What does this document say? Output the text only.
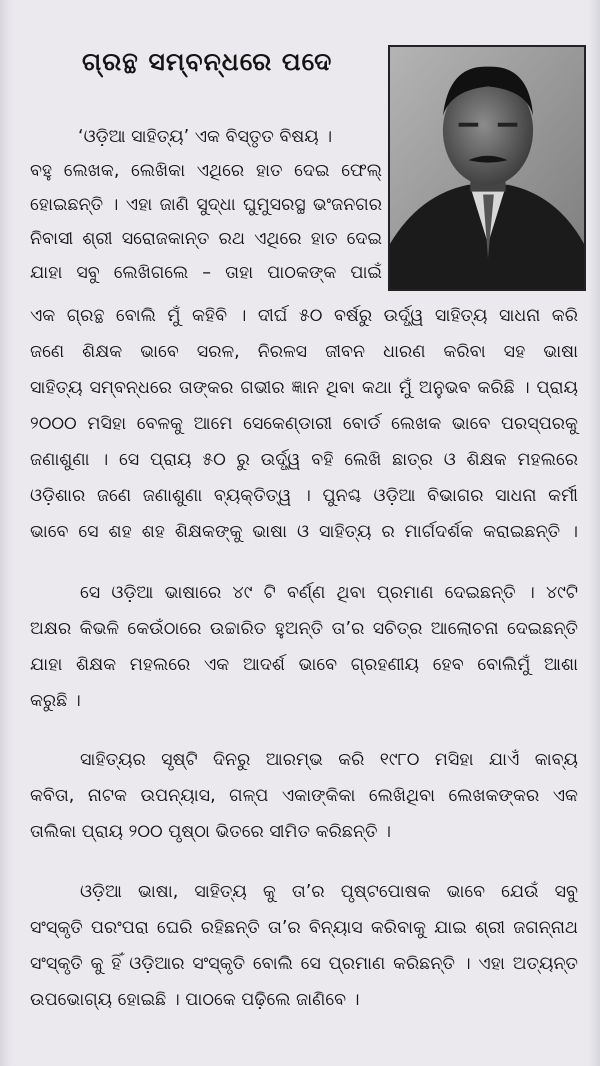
ଗ୍ରନ୍ଥ ସମ୍ବନ୍ଧରେ ପଦେ

‘ଓଡ଼ିଆ ସାହିତ୍ୟ’ ଏକ ବିସ୍ତୃତ ବିଷୟ ।

ବହୁ ଲେଖକ, ଲେଖିକା ଏଥିରେ ହାତ ଦେଇ ଫେଲ୍

ହୋଇଛନ୍ତି । ଏହା ଜାଣି ସୁଦ୍ଧା ଘୁମୁସରସ୍ଥ ଭଂଜନଗର

ନିବାସୀ ଶ୍ରୀ ସରୋଜକାନ୍ତ ରଥ ଏଥିରେ ହାତ ଦେଇ

ଯାହା ସବୁ ଲେଖିଗଲେ – ତାହା ପାଠକଙ୍କ ପାଇଁ

ଏକ ଗ୍ରନ୍ଥ ବୋଲି ମୁଁ କହିବି । ଦୀର୍ଘ ୫୦ ବର୍ଷରୁ ଉର୍ଦ୍ଧ୍ୱ ସାହିତ୍ୟ ସାଧନା କରି

ଜଣେ ଶିକ୍ଷକ ଭାବେ ସରଳ, ନିରଳସ ଜୀବନ ଧାରଣ କରିବା ସହ ଭାଷା

ସାହିତ୍ୟ ସମ୍ବନ୍ଧରେ ତାଙ୍କର ଗଭୀର ଜ୍ଞାନ ଥିବା କଥା ମୁଁ ଅନୁଭବ କରିଛି । ପ୍ରାୟ

୨୦୦୦ ମସିହା ବେଳକୁ ଆମେ ସେକେଣ୍ଡାରୀ ବୋର୍ଡ ଲେଖକ ଭାବେ ପରସ୍ପରକୁ

ଜଣାଶୁଣା । ସେ ପ୍ରାୟ ୫୦ ରୁ ଉର୍ଦ୍ଧ୍ୱ ବହି ଲେଖି ଛାତ୍ର ଓ ଶିକ୍ଷକ ମହଲରେ

ଓଡ଼ିଶାର ଜଣେ ଜଣାଶୁଣା ବ୍ୟକ୍ତିତ୍ୱ । ପୁନଶ୍ଚ ଓଡ଼ିଆ ବିଭାଗର ସାଧନା କର୍ମୀ

ଭାବେ ସେ ଶହ ଶହ ଶିକ୍ଷକଙ୍କୁ ଭାଷା ଓ ସାହିତ୍ୟ ର ମାର୍ଗଦର୍ଶକ କରାଇଛନ୍ତି ।

ସେ ଓଡ଼ିଆ ଭାଷାରେ ୪୯ ଟି ବର୍ଣ୍ଣ ଥିବା ପ୍ରମାଣ ଦେଇଛନ୍ତି । ୪୯ଟି

ଅକ୍ଷର କିଭଳି କେଉଁଠାରେ ଉଚ୍ଚାରିତ ହୁଅନ୍ତି ତା’ର ସଚିତ୍ର ଆଲୋଚନା ଦେଇଛନ୍ତି

ଯାହା ଶିକ୍ଷକ ମହଲରେ ଏକ ଆଦର୍ଶ ଭାବେ ଗ୍ରହଣୀୟ ହେବ ବୋଲିମୁଁ ଆଶା

କରୁଛି ।

ସାହିତ୍ୟର ସୃଷ୍ଟି ଦିନରୁ ଆରମ୍ଭ କରି ୧୯୮୦ ମସିହା ଯାଏଁ କାବ୍ୟ

କବିତା, ନାଟକ ଉପନ୍ୟାସ, ଗଳ୍ପ ଏକାଙ୍କିକା ଲେଖିଥିବା ଲେଖକଙ୍କର ଏକ

ତାଲିକା ପ୍ରାୟ ୨୦୦ ପୃଷ୍ଠା ଭିତରେ ସୀମିତ କରିଛନ୍ତି ।

ଓଡ଼ିଆ ଭାଷା, ସାହିତ୍ୟ କୁ ତା’ର ପୃଷ୍ଟପୋଷକ ଭାବେ ଯେଉଁ ସବୁ

ସଂସ୍କୃତି ପରଂପରା ଘେରି ରହିଛନ୍ତି ତା’ର ବିନ୍ୟାସ କରିବାକୁ ଯାଇ ଶ୍ରୀ ଜଗନ୍ନାଥ

ସଂସ୍କୃତି କୁ ହିଁ ଓଡ଼ିଆର ସଂସ୍କୃତି ବୋଲି ସେ ପ୍ରମାଣ କରିଛନ୍ତି । ଏହା ଅତ୍ୟନ୍ତ

ଉପଭୋଗ୍ୟ ହୋଇଛି । ପାଠକେ ପଢ଼ିଲେ ଜାଣିବେ ।
